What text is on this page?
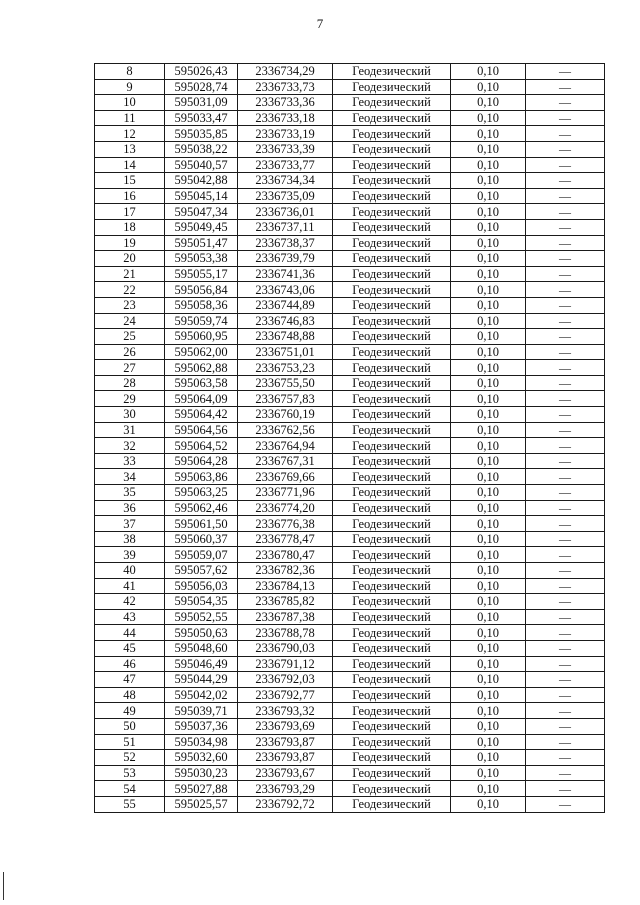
7
8	595026,43	2336734,29	Геодезический	0,10	—
9	595028,74	2336733,73	Геодезический	0,10	—
10	595031,09	2336733,36	Геодезический	0,10	—
11	595033,47	2336733,18	Геодезический	0,10	—
12	595035,85	2336733,19	Геодезический	0,10	—
13	595038,22	2336733,39	Геодезический	0,10	—
14	595040,57	2336733,77	Геодезический	0,10	—
15	595042,88	2336734,34	Геодезический	0,10	—
16	595045,14	2336735,09	Геодезический	0,10	—
17	595047,34	2336736,01	Геодезический	0,10	—
18	595049,45	2336737,11	Геодезический	0,10	—
19	595051,47	2336738,37	Геодезический	0,10	—
20	595053,38	2336739,79	Геодезический	0,10	—
21	595055,17	2336741,36	Геодезический	0,10	—
22	595056,84	2336743,06	Геодезический	0,10	—
23	595058,36	2336744,89	Геодезический	0,10	—
24	595059,74	2336746,83	Геодезический	0,10	—
25	595060,95	2336748,88	Геодезический	0,10	—
26	595062,00	2336751,01	Геодезический	0,10	—
27	595062,88	2336753,23	Геодезический	0,10	—
28	595063,58	2336755,50	Геодезический	0,10	—
29	595064,09	2336757,83	Геодезический	0,10	—
30	595064,42	2336760,19	Геодезический	0,10	—
31	595064,56	2336762,56	Геодезический	0,10	—
32	595064,52	2336764,94	Геодезический	0,10	—
33	595064,28	2336767,31	Геодезический	0,10	—
34	595063,86	2336769,66	Геодезический	0,10	—
35	595063,25	2336771,96	Геодезический	0,10	—
36	595062,46	2336774,20	Геодезический	0,10	—
37	595061,50	2336776,38	Геодезический	0,10	—
38	595060,37	2336778,47	Геодезический	0,10	—
39	595059,07	2336780,47	Геодезический	0,10	—
40	595057,62	2336782,36	Геодезический	0,10	—
41	595056,03	2336784,13	Геодезический	0,10	—
42	595054,35	2336785,82	Геодезический	0,10	—
43	595052,55	2336787,38	Геодезический	0,10	—
44	595050,63	2336788,78	Геодезический	0,10	—
45	595048,60	2336790,03	Геодезический	0,10	—
46	595046,49	2336791,12	Геодезический	0,10	—
47	595044,29	2336792,03	Геодезический	0,10	—
48	595042,02	2336792,77	Геодезический	0,10	—
49	595039,71	2336793,32	Геодезический	0,10	—
50	595037,36	2336793,69	Геодезический	0,10	—
51	595034,98	2336793,87	Геодезический	0,10	—
52	595032,60	2336793,87	Геодезический	0,10	—
53	595030,23	2336793,67	Геодезический	0,10	—
54	595027,88	2336793,29	Геодезический	0,10	—
55	595025,57	2336792,72	Геодезический	0,10	—
